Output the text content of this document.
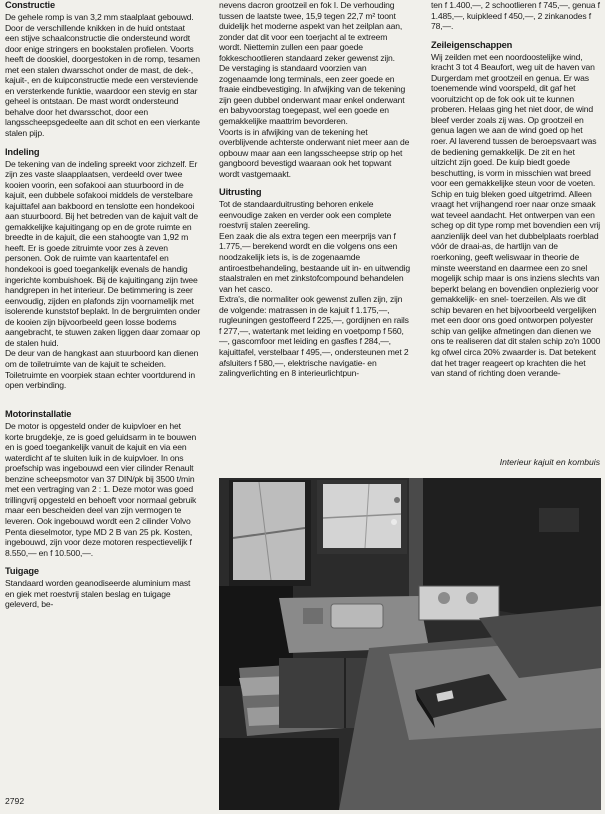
Constructie

De gehele romp is van 3,2 mm staalplaat gebouwd. Door de verschillende knikken in de huid ontstaat een stijve schaalconstructie die ondersteund wordt door enige stringers en bookstalen profielen. Voorts heeft de dooskiel, doorgestoken in de romp, tesamen met een stalen dwarsschot onder de mast, de dek-, kajuit-, en de kuipconstructie mede een versteviende en versterkende funktie, waardoor een stevig en star geheel is ontstaan. De mast wordt ondersteund behalve door het dwarsschot, door een langsscheepsgedeelte aan dit schot en een vierkante stalen pijp.

Indeling

De tekening van de indeling spreekt voor zichzelf. Er zijn zes vaste slaapplaatsen, verdeeld over twee kooien voorin, een sofakooi aan stuurboord in de kajuit, een dubbele sofakooi middels de verstelbare kajuittafel aan bakboord en tenslotte een hondekooi aan stuurboord. Bij het betreden van de kajuit valt de gemakkelijke kajuitingang op en de grote ruimte en breedte in de kajuit, die een stahoogte van 1,92 m heeft. Er is goede zitruimte voor zes à zeven personen. Ook de ruimte van kaartentafel en hondekooi is goed toegankelijk evenals de handig ingerichte kombuishoek. Bij de kajuitingang zijn twee handgrepen in het interieur. De betimmering is zeer eenvoudig, zijden en plafonds zijn voornamelijk met isolerende kunststof beplakt. In de bergruimten onder de kooien zijn bijvoorbeeld geen losse bodems aangebracht, te stuwen zaken liggen daar zomaar op de stalen huid.

De deur van de hangkast aan stuurboord kan dienen om de toiletruimte van de kajuit te scheiden. Toiletruimte en voorpiek staan echter voortdurend in open verbinding.

Motorinstallatie

De motor is opgesteld onder de kuipvloer en het korte brugdekje, ze is goed geluidsarm in te bouwen en is goed toegankelijk vanuit de kajuit en via een waterdicht af te sluiten luik in de kuipvloer. In ons proefschip was ingebouwd een vier cilinder Renault benzine scheepsmotor van 37 DIN/pk bij 3500 t/min met een vertraging van 2 : 1. Deze motor was goed trillingvrij opgesteld en behoeft voor normaal gebruik maar een bescheiden deel van zijn vermogen te leveren. Ook ingebouwd wordt een 2 cilinder Volvo Penta dieselmotor, type MD 2 B van 25 pk. Kosten, ingebouwd, zijn voor deze motoren respectievelijk f 8.550,— en f 10.500,—.

Tuigage

Standaard worden geanodiseerde aluminium mast en giek met roestvrij stalen beslag en tuigage geleverd, be-

nevens dacron grootzeil en fok I. De verhouding tussen de laatste twee, 15,9 tegen 22,7 m² toont duidelijk het moderne aspekt van het zeilplan aan, zonder dat dit voor een toerjacht al te extreem wordt. Niettemin zullen een paar goede fokkeschootlieren standaard zeker gewenst zijn.

De verstaging is standaard voorzien van zogenaamde long terminals, een zeer goede en fraaie eindbevestiging. In afwijking van de tekening zijn geen dubbel onderwant maar enkel onderwant en babyvoorstag toegepast, wel een goede en gemakkelijke maattrim bevorderen.

Voorts is in afwijking van de tekening het overblijvende achterste onderwant niet meer aan de opbouw maar aan een langsscheepse strip op het gangboord bevestigd waaraan ook het topwant wordt vastgemaakt.

Uitrusting

Tot de standaarduitrusting behoren enkele eenvoudige zaken en verder ook een complete roestvrij stalen zeereling.

Een zaak die als extra tegen een meerprijs van f 1.775,— berekend wordt en die volgens ons een noodzakelijk iets is, is de zogenaamde antiroestbehandeling, bestaande uit in- en uitwendig staalstralen en met zinkstofcompound behandelen van het casco.

Extra's, die normaliter ook gewenst zullen zijn, zijn de volgende: matrassen in de kajuit f 1.175,—, rugleuningen gestoffeerd f 225,—, gordijnen en rails f 277,—, watertank met leiding en voetpomp f 560,—, gascomfoor met leiding en gasfles f 284,—, kajuittafel, verstelbaar f 495,—, ondersteunen met 2 afsluiters f 580,—, elektrische navigatie- en zalingverlichting en 8 interieurlichtpun-

ten f 1.400,—, 2 schootlieren f 745,—, genua f 1.485,—, kuipkleed f 450,—, 2 zinkanodes f 78,—.

Zeileigenschappen

Wij zeilden met een noordoostelijke wind, kracht 3 tot 4 Beaufort, weg uit de haven van Durgerdam met grootzeil en genua. Er was toenemende wind voorspeld, dit gaf het vooruitzicht op de fok ook uit te kunnen proberen. Helaas ging het niet door, de wind bleef verder zoals zij was. Op grootzeil en genua lagen we aan de wind goed op het roer. Al laverend tussen de beroepsvaart was de bediening gemakkelijk. De zit en het uitzicht zijn goed. De kuip biedt goede beschutting, is vorm in misschien wat breed voor een gemakkelijke steun voor de voeten. Schip en tuig bleken goed uitgetrimd. Alleen vraagt het vrijhangend roer naar onze smaak wat teveel aandacht. Het ontwerpen van een scheg op dit type romp met bovendien een vrij aanzienlijk deel van het dubbelplaats roerblad vóór de draai-as, de hartlijn van de roerkoning, geeft weliswaar in theorie de minste weerstand en daarmee een zo snel mogelijk schip maar is ons inziens slechts van beperkt belang en bovendien onplezierig voor gemakkelijk- en snel- toerzeilen. Als we dit schip bevaren en het bijvoorbeeld vergelijken met een door ons goed ontworpen polyester schip van gelijke afmetingen dan dienen we ons te realiseren dat dit stalen schip zo'n 1000 kg ofwel circa 20% zwaarder is. Dat betekent dat het trager reageert op krachten die het van stand of richting doen verande-

Interieur kajuit en kombuis
2792
